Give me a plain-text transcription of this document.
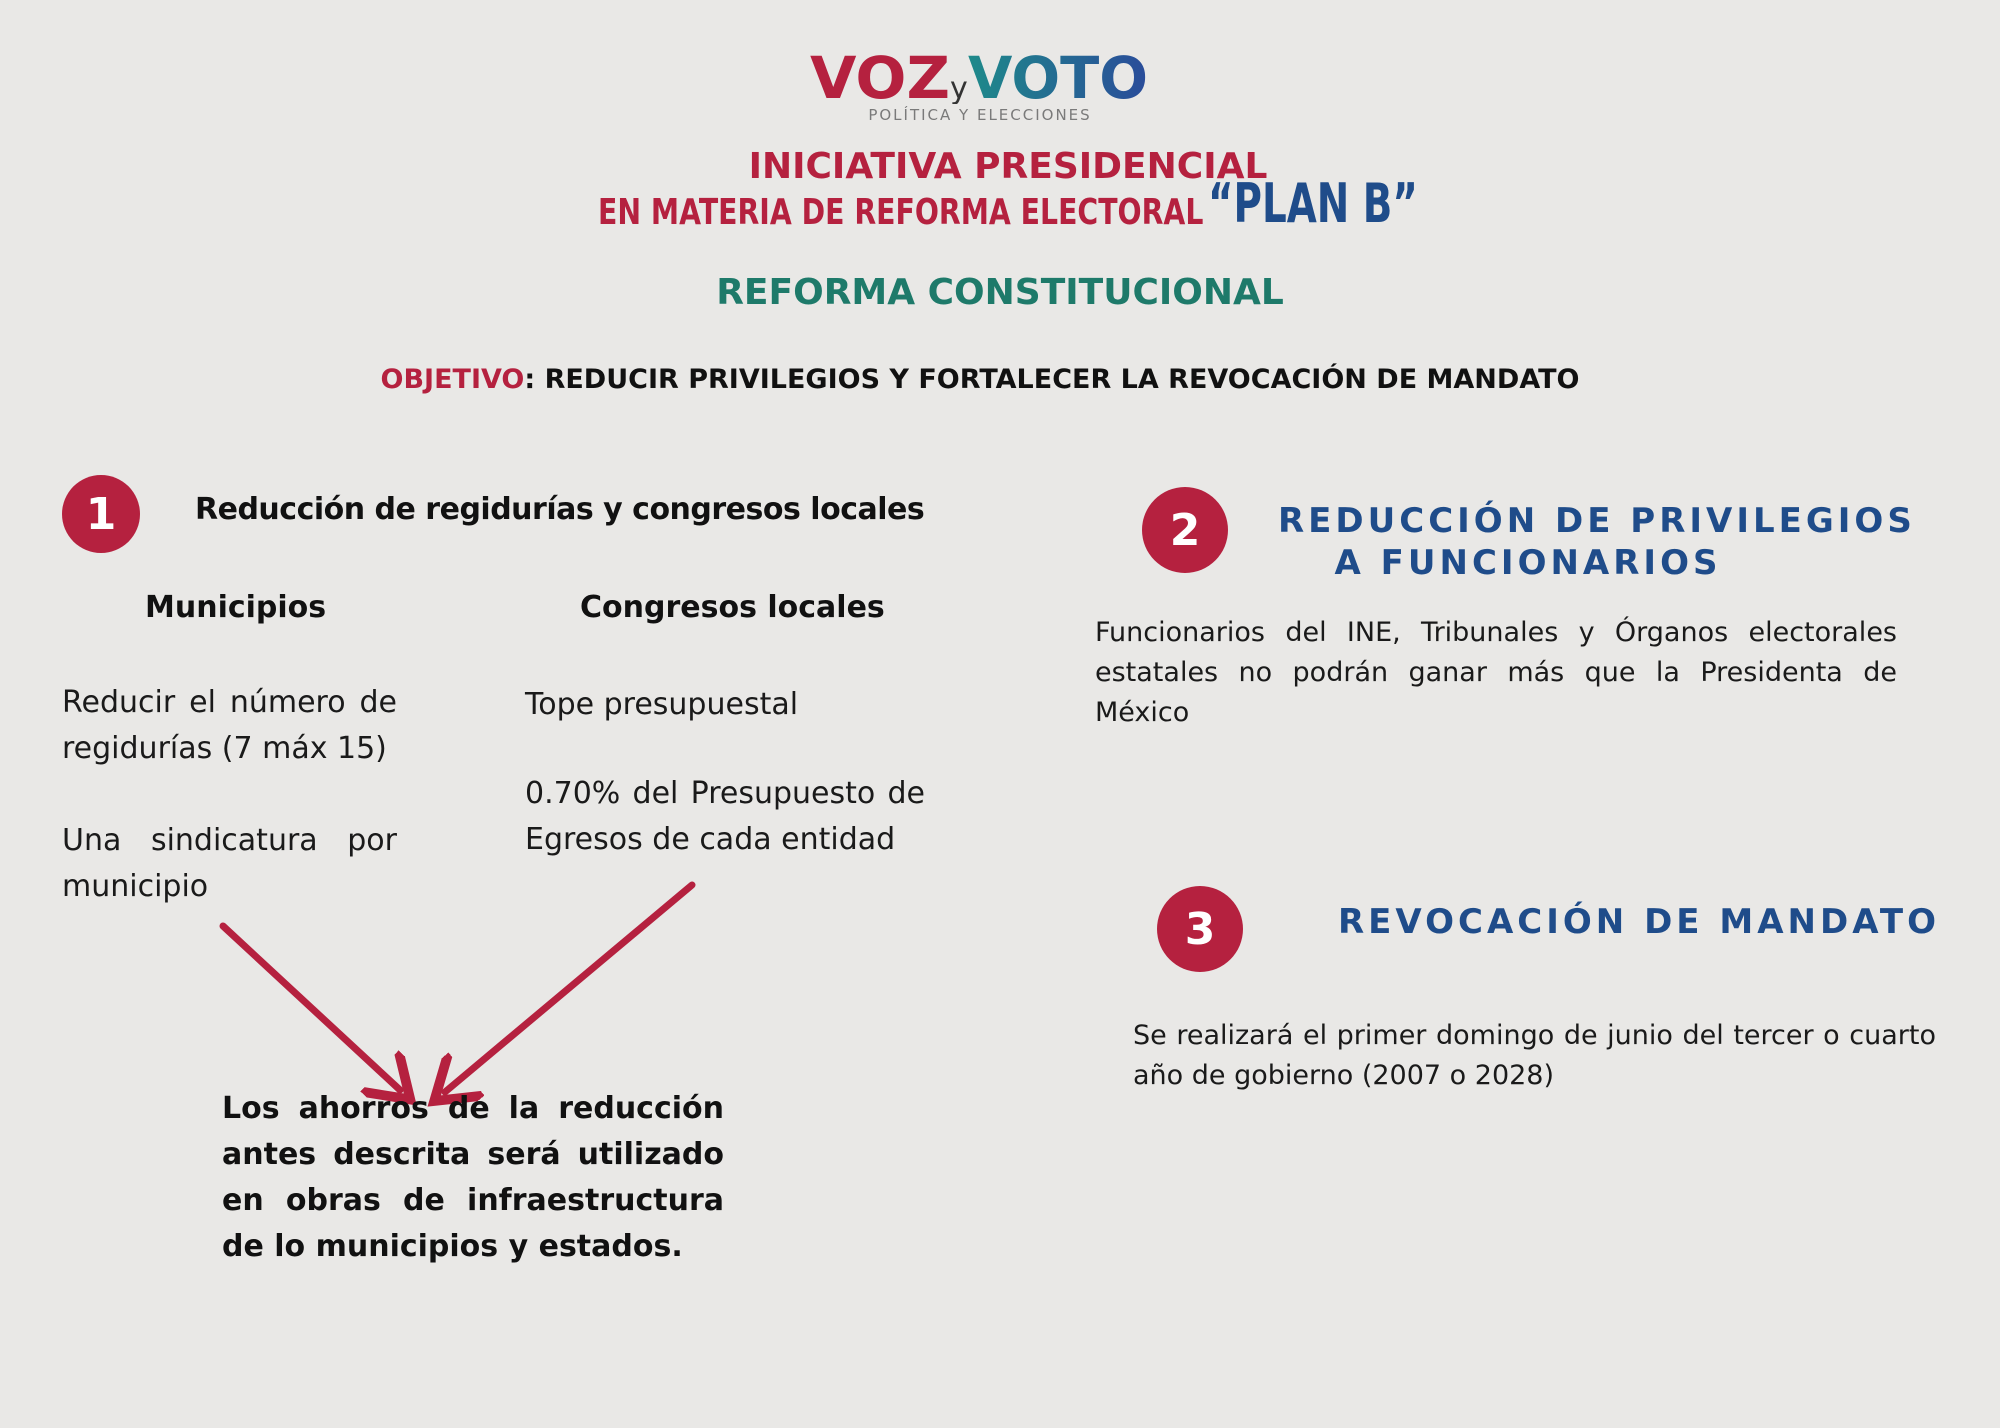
VOZ y VOTO
POLÍTICA Y ELECCIONES
INICIATIVA PRESIDENCIAL
EN MATERIA DE REFORMA ELECTORAL “PLAN B”
REFORMA CONSTITUCIONAL
OBJETIVO: REDUCIR PRIVILEGIOS Y FORTALECER LA REVOCACIÓN DE MANDATO
1	Reducción de regidurías y congresos locales
Municipios	Congresos locales
Reducir el número de regidurías (7 máx 15)
Una sindicatura por municipio
Tope presupuestal
0.70% del Presupuesto de Egresos de cada entidad
Los ahorros de la reducción antes descrita será utilizado en obras de infraestructura de lo municipios y estados.
2	REDUCCIÓN DE PRIVILEGIOS
A FUNCIONARIOS
Funcionarios del INE, Tribunales y Órganos electorales estatales no podrán ganar más que la Presidenta de México
3	REVOCACIÓN DE MANDATO
Se realizará el primer domingo de junio del tercer o cuarto año de gobierno (2007 o 2028)
